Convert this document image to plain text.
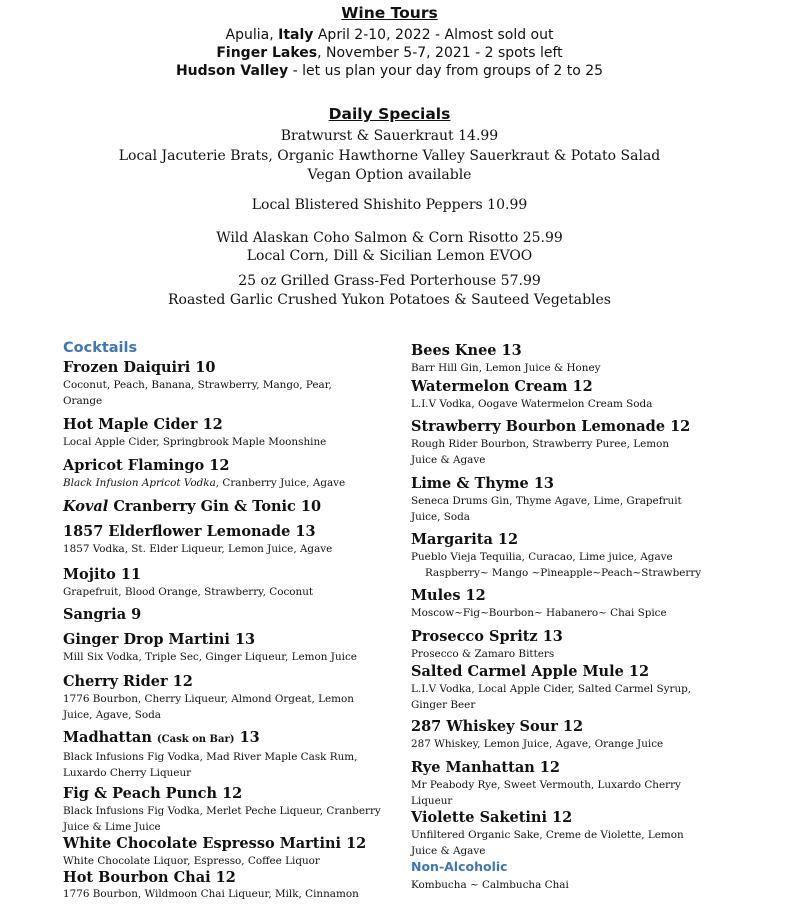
Wine Tours
Apulia, Italy April 2-10, 2022 - Almost sold out
Finger Lakes, November 5-7, 2021 - 2 spots left
Hudson Valley - let us plan your day from groups of 2 to 25
Daily Specials
Bratwurst & Sauerkraut 14.99
Local Jacuterie Brats, Organic Hawthorne Valley Sauerkraut & Potato Salad
Vegan Option available
Local Blistered Shishito Peppers 10.99
Wild Alaskan Coho Salmon & Corn Risotto 25.99
Local Corn, Dill & Sicilian Lemon EVOO
25 oz Grilled Grass-Fed Porterhouse 57.99
Roasted Garlic Crushed Yukon Potatoes & Sauteed Vegetables
Cocktails
Frozen Daiquiri 10
Coconut, Peach, Banana, Strawberry, Mango, Pear, Orange
Hot Maple Cider 12
Local Apple Cider, Springbrook Maple Moonshine
Apricot Flamingo 12
Black Infusion Apricot Vodka, Cranberry Juice, Agave
Koval Cranberry Gin & Tonic 10
1857 Elderflower Lemonade 13
1857 Vodka, St. Elder Liqueur, Lemon Juice, Agave
Mojito 11
Grapefruit, Blood Orange, Strawberry, Coconut
Sangria 9
Ginger Drop Martini 13
Mill Six Vodka, Triple Sec, Ginger Liqueur, Lemon Juice
Cherry Rider 12
1776 Bourbon, Cherry Liqueur, Almond Orgeat, Lemon Juice, Agave, Soda
Madhattan (Cask on Bar) 13
Black Infusions Fig Vodka, Mad River Maple Cask Rum, Luxardo Cherry Liqueur
Fig & Peach Punch 12
Black Infusions Fig Vodka, Merlet Peche Liqueur, Cranberry Juice & Lime Juice
White Chocolate Espresso Martini 12
White Chocolate Liquor, Espresso, Coffee Liquor
Hot Bourbon Chai 12
1776 Bourbon, Wildmoon Chai Liqueur, Milk, Cinnamon
Bees Knee 13
Barr Hill Gin, Lemon Juice & Honey
Watermelon Cream 12
L.I.V Vodka, Oogave Watermelon Cream Soda
Strawberry Bourbon Lemonade 12
Rough Rider Bourbon, Strawberry Puree, Lemon Juice & Agave
Lime & Thyme 13
Seneca Drums Gin, Thyme Agave, Lime, Grapefruit Juice, Soda
Margarita 12
Pueblo Vieja Tequilia, Curacao, Lime juice, Agave
Raspberry~ Mango ~Pineapple~Peach~Strawberry
Mules 12
Moscow~Fig~Bourbon~ Habanero~ Chai Spice
Prosecco Spritz 13
Prosecco & Zamaro Bitters
Salted Carmel Apple Mule 12
L.I.V Vodka, Local Apple Cider, Salted Carmel Syrup, Ginger Beer
287 Whiskey Sour 12
287 Whiskey, Lemon Juice, Agave, Orange Juice
Rye Manhattan 12
Mr Peabody Rye, Sweet Vermouth, Luxardo Cherry Liqueur
Violette Saketini 12
Unfiltered Organic Sake, Creme de Violette, Lemon Juice & Agave
Non-Alcoholic
Kombucha ~ Calmbucha Chai
